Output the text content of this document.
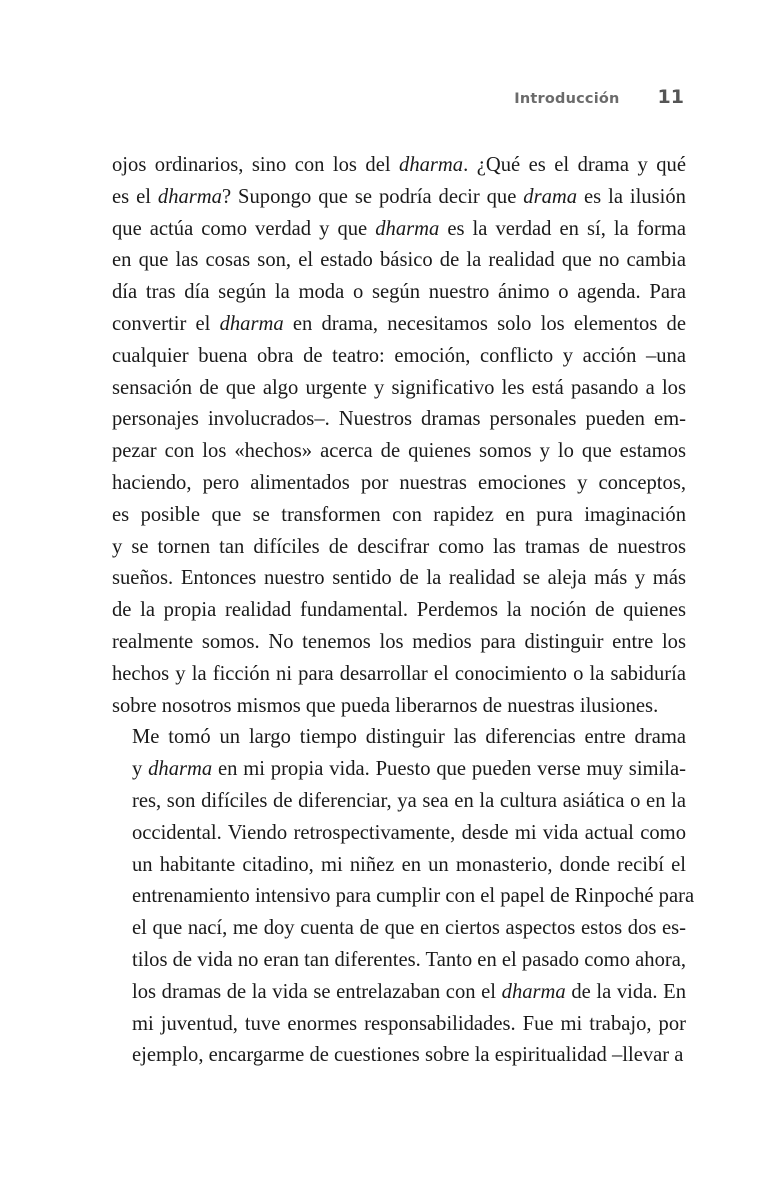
Introducción 11

ojos ordinarios, sino con los del dharma. ¿Qué es el drama y qué
es el dharma? Supongo que se podría decir que drama es la ilusión
que actúa como verdad y que dharma es la verdad en sí, la forma
en que las cosas son, el estado básico de la realidad que no cambia
día tras día según la moda o según nuestro ánimo o agenda. Para
convertir el dharma en drama, necesitamos solo los elementos de
cualquier buena obra de teatro: emoción, conflicto y acción –una
sensación de que algo urgente y significativo les está pasando a los
personajes involucrados–. Nuestros dramas personales pueden em-
pezar con los «hechos» acerca de quienes somos y lo que estamos
haciendo, pero alimentados por nuestras emociones y conceptos,
es posible que se transformen con rapidez en pura imaginación
y se tornen tan difíciles de descifrar como las tramas de nuestros
sueños. Entonces nuestro sentido de la realidad se aleja más y más
de la propia realidad fundamental. Perdemos la noción de quienes
realmente somos. No tenemos los medios para distinguir entre los
hechos y la ficción ni para desarrollar el conocimiento o la sabiduría
sobre nosotros mismos que pueda liberarnos de nuestras ilusiones.

Me tomó un largo tiempo distinguir las diferencias entre drama
y dharma en mi propia vida. Puesto que pueden verse muy simila-
res, son difíciles de diferenciar, ya sea en la cultura asiática o en la
occidental. Viendo retrospectivamente, desde mi vida actual como
un habitante citadino, mi niñez en un monasterio, donde recibí el
entrenamiento intensivo para cumplir con el papel de Rinpoché para
el que nací, me doy cuenta de que en ciertos aspectos estos dos es-
tilos de vida no eran tan diferentes. Tanto en el pasado como ahora,
los dramas de la vida se entrelazaban con el dharma de la vida. En
mi juventud, tuve enormes responsabilidades. Fue mi trabajo, por
ejemplo, encargarme de cuestiones sobre la espiritualidad –llevar a
